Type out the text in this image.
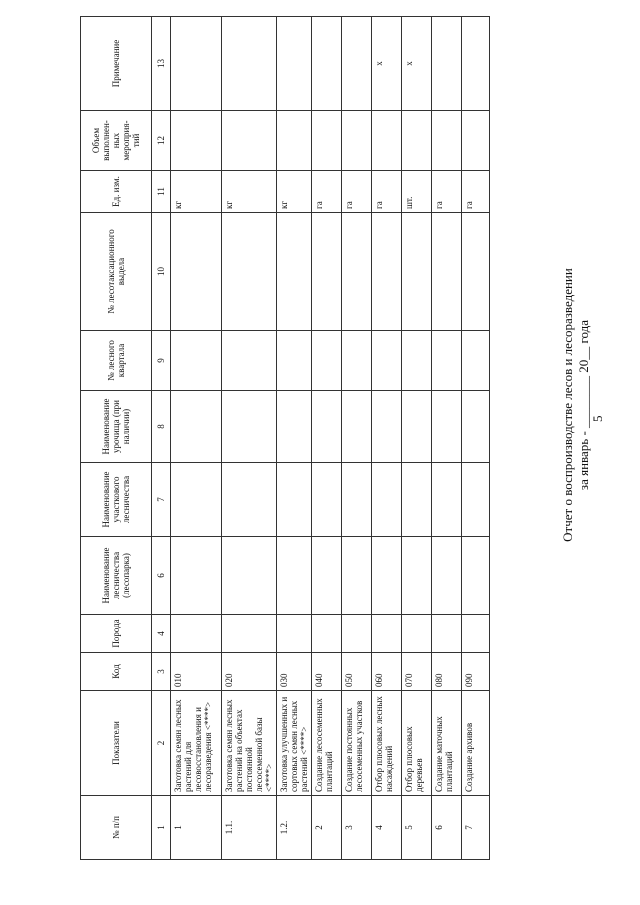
5
Отчет о воспроизводстве лесов и лесоразведении за январь - ________ 20__ года
№ п/п	Показатели	Код	Порода	Наименование лесничества (лесопарка)	Наименование участкового лесничества	Наименование урочища (при наличии)	№ лесного квартала	№ лесотаксационного выдела	Ед. изм.	Объем выполнен-ных мероприя-тий	Примечание
1	2	3	4	6	7	8	9	10	11	12	13
1	Заготовка семян лесных растений для лесовосстановления и лесоразведения <****>	010							кг		
1.1.	Заготовка семян лесных растений на объектах постоянной лесосеменной базы <****>	020							кг		
1.2.	Заготовка улучшенных и сортовых семян лесных растений <****>	030							кг		
2	Создание лесосеменных плантаций	040							га		
3	Создание постоянных лесосеменных участков	050							га		
4	Отбор плюсовых лесных насаждений	060							га		x
5	Отбор плюсовых деревьев	070							шт.		x
6	Создание маточных плантаций	080							га		
7	Создание архивов	090							га		
